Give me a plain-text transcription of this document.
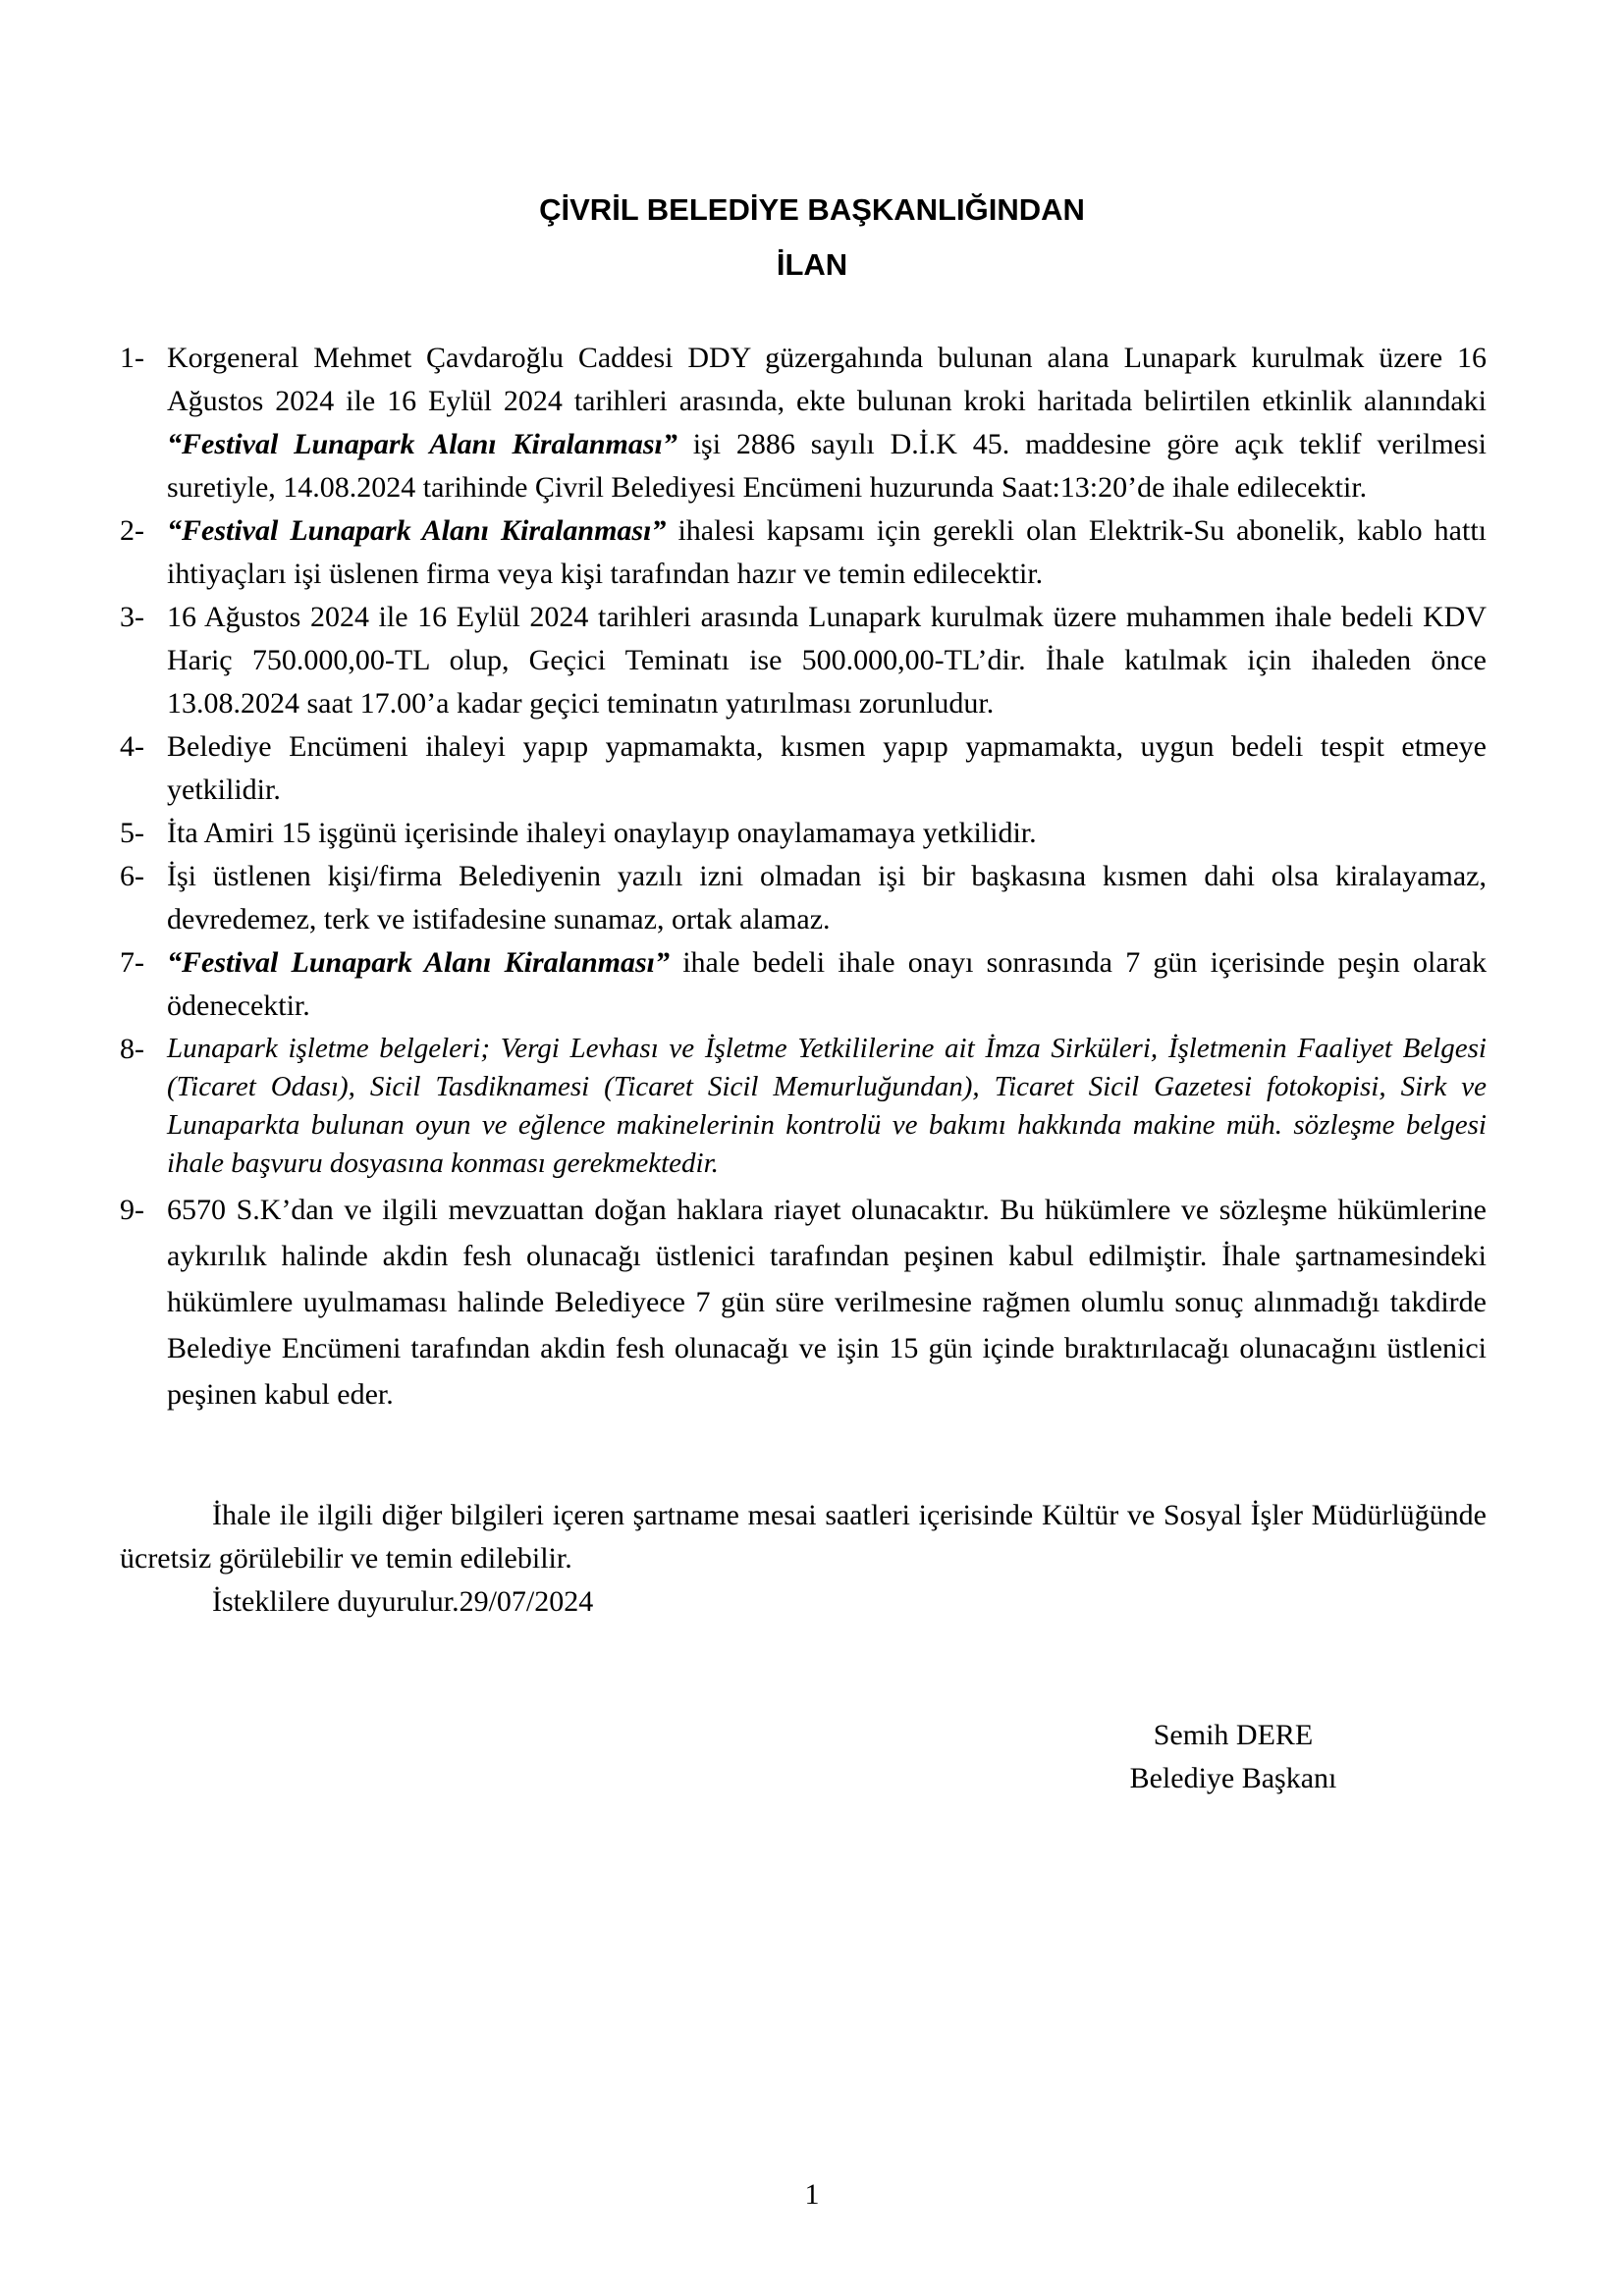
ÇİVRİL BELEDİYE BAŞKANLIĞINDAN
İLAN
1- Korgeneral Mehmet Çavdaroğlu Caddesi DDY güzergahında bulunan alana Lunapark kurulmak üzere 16 Ağustos 2024 ile 16 Eylül 2024 tarihleri arasında, ekte bulunan kroki haritada belirtilen etkinlik alanındaki “Festival Lunapark Alanı Kiralanması” işi 2886 sayılı D.İ.K 45. maddesine göre açık teklif verilmesi suretiyle, 14.08.2024 tarihinde Çivril Belediyesi Encümeni huzurunda Saat:13:20’de ihale edilecektir.

2- “Festival Lunapark Alanı Kiralanması” ihalesi kapsamı için gerekli olan Elektrik-Su abonelik, kablo hattı ihtiyaçları işi üslenen firma veya kişi tarafından hazır ve temin edilecektir.

3- 16 Ağustos 2024 ile 16 Eylül 2024 tarihleri arasında Lunapark kurulmak üzere muhammen ihale bedeli KDV Hariç 750.000,00-TL olup, Geçici Teminatı ise 500.000,00-TL’dir. İhale katılmak için ihaleden önce 13.08.2024 saat 17.00’a kadar geçici teminatın yatırılması zorunludur.

4- Belediye Encümeni ihaleyi yapıp yapmamakta, kısmen yapıp yapmamakta, uygun bedeli tespit etmeye yetkilidir.

5- İta Amiri 15 işgünü içerisinde ihaleyi onaylayıp onaylamamaya yetkilidir.

6- İşi üstlenen kişi/firma Belediyenin yazılı izni olmadan işi bir başkasına kısmen dahi olsa kiralayamaz, devredemez, terk ve istifadesine sunamaz, ortak alamaz.

7- “Festival Lunapark Alanı Kiralanması” ihale bedeli ihale onayı sonrasında 7 gün içerisinde peşin olarak ödenecektir.

8- Lunapark işletme belgeleri; Vergi Levhası ve İşletme Yetkililerine ait İmza Sirküleri, İşletmenin Faaliyet Belgesi (Ticaret Odası), Sicil Tasdiknamesi (Ticaret Sicil Memurluğundan), Ticaret Sicil Gazetesi fotokopisi, Sirk ve Lunaparkta bulunan oyun ve eğlence makinelerinin kontrolü ve bakımı hakkında makine müh. sözleşme belgesi ihale başvuru dosyasına konması gerekmektedir.

9- 6570 S.K’dan ve ilgili mevzuattan doğan haklara riayet olunacaktır. Bu hükümlere ve sözleşme hükümlerine aykırılık halinde akdin fesh olunacağı üstlenici tarafından peşinen kabul edilmiştir. İhale şartnamesindeki hükümlere uyulmaması halinde Belediyece 7 gün süre verilmesine rağmen olumlu sonuç alınmadığı takdirde Belediye Encümeni tarafından akdin fesh olunacağı ve işin 15 gün içinde bıraktırılacağı olunacağını üstlenici peşinen kabul eder.

İhale ile ilgili diğer bilgileri içeren şartname mesai saatleri içerisinde Kültür ve Sosyal İşler Müdürlüğünde ücretsiz görülebilir ve temin edilebilir.

İsteklilere duyurulur.29/07/2024

Semih DERE
Belediye Başkanı
1
